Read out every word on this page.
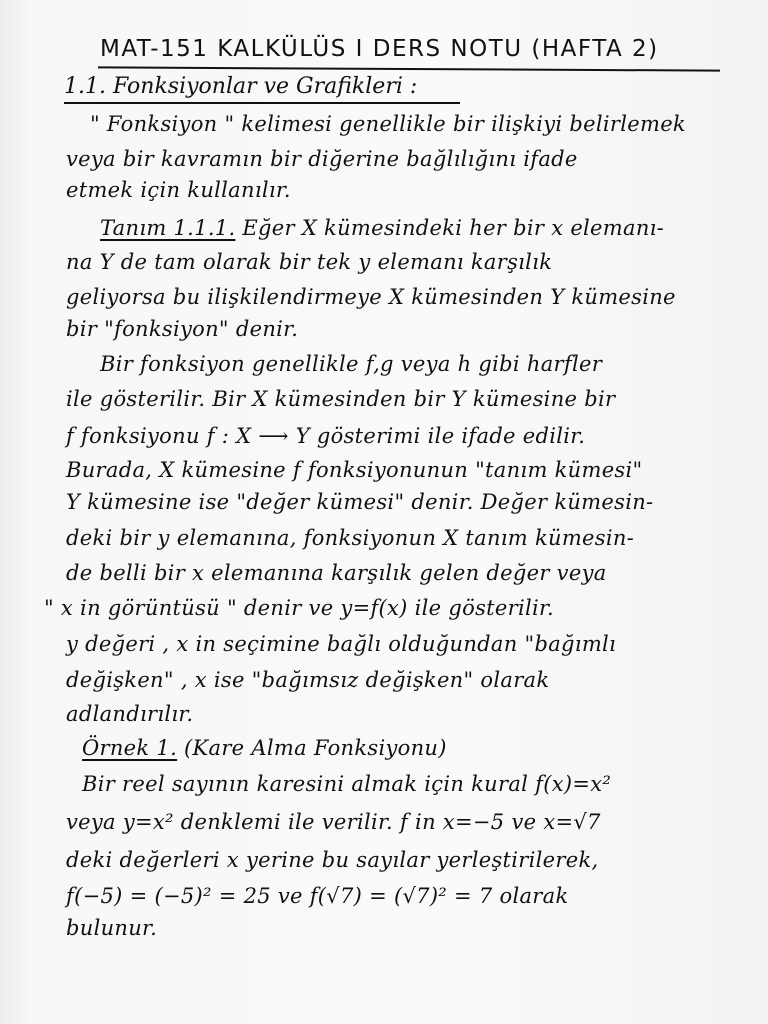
MAT-151 KALKÜLÜS I DERS NOTU (HAFTA 2)
1.1. Fonksiyonlar ve Grafikleri :
" Fonksiyon " kelimesi genellikle bir ilişkiyi belirlemek
veya bir kavramın bir diğerine bağlılığını ifade
etmek için kullanılır.
Tanım 1.1.1. Eğer X kümesindeki her bir x elemanı-
na Y de tam olarak bir tek y elemanı karşılık
geliyorsa bu ilişkilendirmeye X kümesinden Y kümesine
bir "fonksiyon" denir.
Bir fonksiyon genellikle f,g veya h gibi harfler
ile gösterilir. Bir X kümesinden bir Y kümesine bir
f fonksiyonu f : X ⟶ Y gösterimi ile ifade edilir.
Burada, X kümesine f fonksiyonunun "tanım kümesi"
Y kümesine ise "değer kümesi" denir. Değer kümesin-
deki bir y elemanına, fonksiyonun X tanım kümesin-
de belli bir x elemanına karşılık gelen değer veya
" x in görüntüsü " denir ve y=f(x) ile gösterilir.
y değeri , x in seçimine bağlı olduğundan "bağımlı
değişken" , x ise "bağımsız değişken" olarak
adlandırılır.
Örnek 1. (Kare Alma Fonksiyonu)
Bir reel sayının karesini almak için kural f(x)=x²
veya y=x² denklemi ile verilir. f in x=−5 ve x=√7
deki değerleri x yerine bu sayılar yerleştirilerek,
f(−5) = (−5)² = 25 ve f(√7) = (√7)² = 7 olarak
bulunur.
